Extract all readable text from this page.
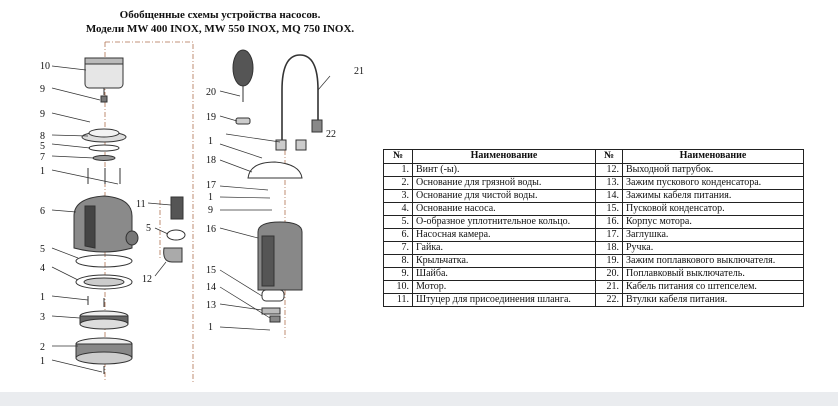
Обобщенные схемы устройства насосов.
Модели MW 400 INOX, MW 550 INOX, MQ 750 INOX.
10
9
9
8
5
7
1
6
5
4
1
3
2
1
11
5
12
20
19
21
1
22
18
17
1
9
16
15
14
13
1
№	Наименование	№	Наименование
1.	Винт (-ы).	12.	Выходной патрубок.
2.	Основание для грязной воды.	13.	Зажим пускового конденсатора.
3.	Основание для чистой воды.	14.	Зажимы кабеля питания.
4.	Основание насоса.	15.	Пусковой конденсатор.
5.	О-образное уплотнительное кольцо.	16.	Корпус мотора.
6.	Насосная камера.	17.	Заглушка.
7.	Гайка.	18.	Ручка.
8.	Крыльчатка.	19.	Зажим поплавкового выключателя.
9.	Шайба.	20.	Поплавковый выключатель.
10.	Мотор.	21.	Кабель питания со штепселем.
11.	Штуцер для присоединения шланга.	22.	Втулки кабеля питания.
